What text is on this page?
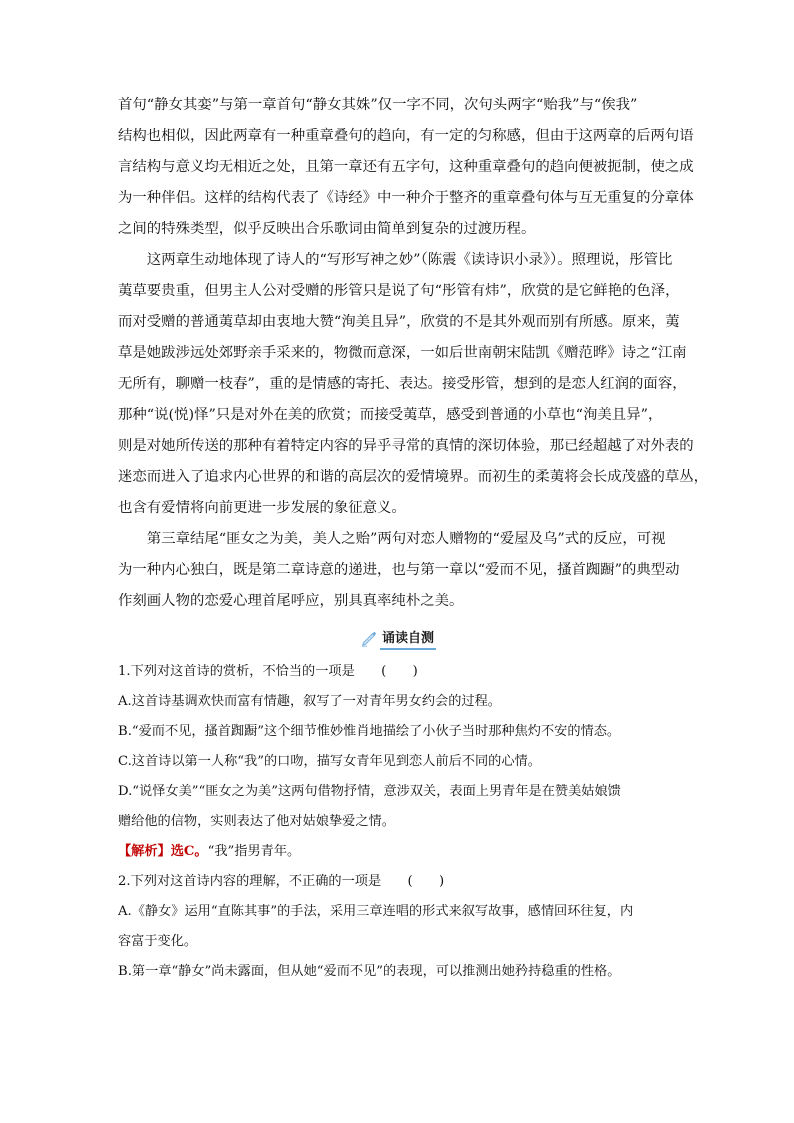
首句“静女其娈”与第一章首句“静女其姝”仅一字不同，次句头两字“贻我”与“俟我”
结构也相似，因此两章有一种重章叠句的趋向，有一定的匀称感，但由于这两章的后两句语
言结构与意义均无相近之处，且第一章还有五字句，这种重章叠句的趋向便被扼制，使之成
为一种伴侣。这样的结构代表了《诗经》中一种介于整齐的重章叠句体与互无重复的分章体
之间的特殊类型，似乎反映出合乐歌词由简单到复杂的过渡历程。

这两章生动地体现了诗人的“写形写神之妙”（陈震《读诗识小录》）。照理说，彤管比
荑草要贵重，但男主人公对受赠的彤管只是说了句“彤管有炜”，欣赏的是它鲜艳的色泽，
而对受赠的普通荑草却由衷地大赞“洵美且异”，欣赏的不是其外观而别有所感。原来，荑
草是她跋涉远处郊野亲手采来的，物微而意深，一如后世南朝宋陆凯《赠范晔》诗之“江南
无所有，聊赠一枝春”，重的是情感的寄托、表达。接受彤管，想到的是恋人红润的面容，
那种“说(悦)怿”只是对外在美的欣赏；而接受荑草，感受到普通的小草也“洵美且异”，
则是对她所传送的那种有着特定内容的异乎寻常的真情的深切体验，那已经超越了对外表的
迷恋而进入了追求内心世界的和谐的高层次的爱情境界。而初生的柔荑将会长成茂盛的草丛，
也含有爱情将向前更进一步发展的象征意义。

第三章结尾“匪女之为美，美人之贻”两句对恋人赠物的“爱屋及乌”式的反应，可视
为一种内心独白，既是第二章诗意的递进，也与第一章以“爱而不见，搔首踟蹰”的典型动
作刻画人物的恋爱心理首尾呼应，别具真率纯朴之美。

诵读自测

1.下列对这首诗的赏析，不恰当的一项是　　(　　)

A.这首诗基调欢快而富有情趣，叙写了一对青年男女约会的过程。

B.“爱而不见，搔首踟蹰”这个细节惟妙惟肖地描绘了小伙子当时那种焦灼不安的情态。

C.这首诗以第一人称“我”的口吻，描写女青年见到恋人前后不同的心情。

D.“说怿女美”“匪女之为美”这两句借物抒情，意涉双关，表面上男青年是在赞美姑娘馈

赠给他的信物，实则表达了他对姑娘挚爱之情。

【解析】选C。“我”指男青年。

2.下列对这首诗内容的理解，不正确的一项是　　(　　)

A.《静女》运用“直陈其事”的手法，采用三章连唱的形式来叙写故事，感情回环往复，内

容富于变化。

B.第一章“静女”尚未露面，但从她“爱而不见”的表现，可以推测出她矜持稳重的性格。
